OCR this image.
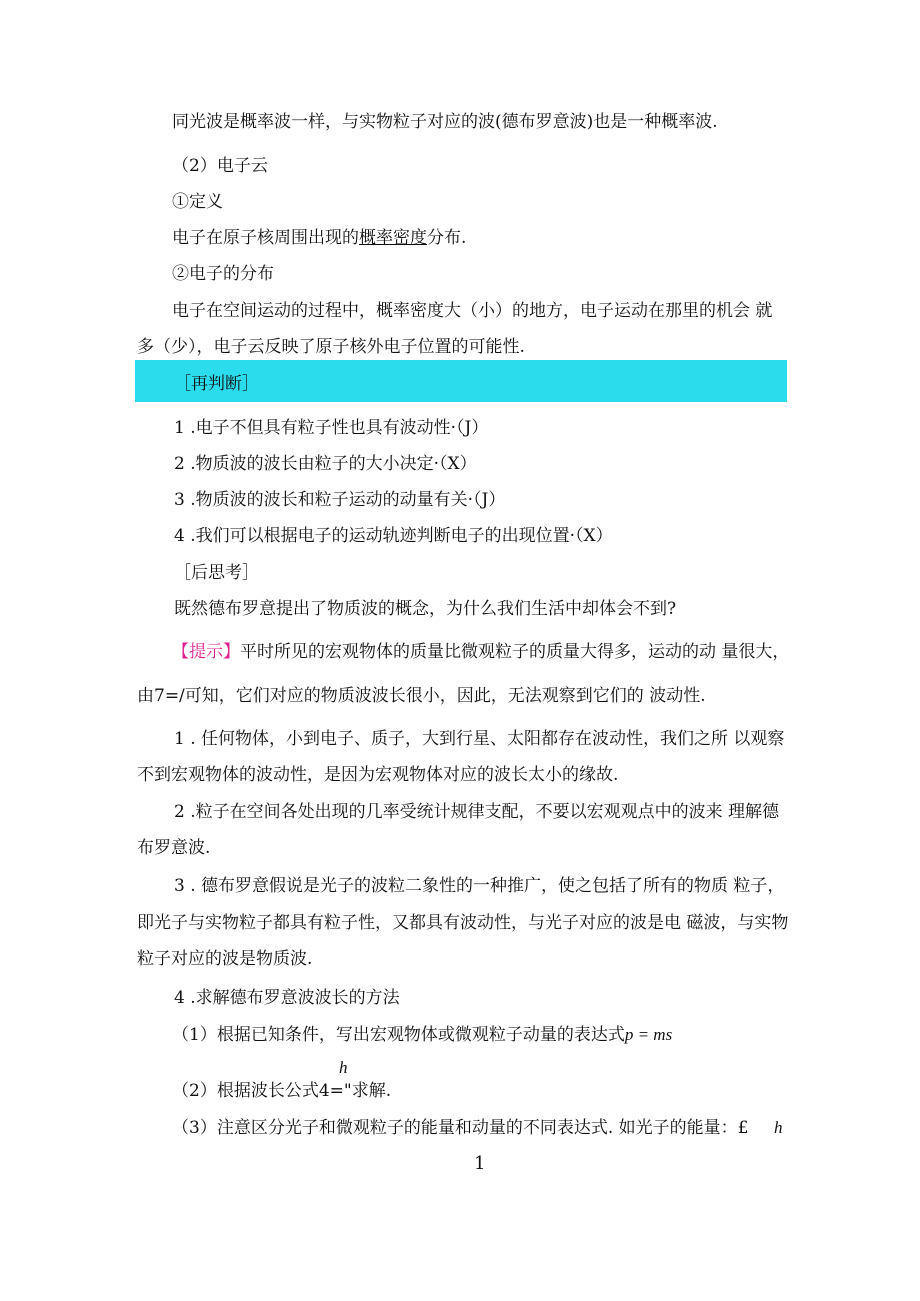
同光波是概率波一样，与实物粒子对应的波(德布罗意波)也是一种概率波.

（2）电子云

①定义

电子在原子核周围出现的概率密度分布.

②电子的分布

电子在空间运动的过程中，概率密度大（小）的地方，电子运动在那里的机会 就

多（少），电子云反映了原子核外电子位置的可能性.

［再判断］

1 .电子不但具有粒子性也具有波动性·（J）

2 .物质波的波长由粒子的大小决定·（X）

3 .物质波的波长和粒子运动的动量有关·（J）

4 .我们可以根据电子的运动轨迹判断电子的出现位置·（X）

［后思考］

既然德布罗意提出了物质波的概念，为什么我们生活中却体会不到?

【提示】平时所见的宏观物体的质量比微观粒子的质量大得多，运动的动 量很大，

由7=/可知，它们对应的物质波波长很小，因此，无法观察到它们的 波动性.

1 . 任何物体，小到电子、质子，大到行星、太阳都存在波动性，我们之所 以观察

不到宏观物体的波动性，是因为宏观物体对应的波长太小的缘故.

2 .粒子在空间各处出现的几率受统计规律支配，不要以宏观观点中的波来 理解德

布罗意波.

3 . 德布罗意假说是光子的波粒二象性的一种推广，使之包括了所有的物质 粒子，

即光子与实物粒子都具有粒子性，又都具有波动性，与光子对应的波是电 磁波，与实物

粒子对应的波是物质波.

4 .求解德布罗意波波长的方法

（1）根据已知条件，写出宏观物体或微观粒子动量的表达式p = ms

h

（2）根据波长公式4="求解.

（3）注意区分光子和微观粒子的能量和动量的不同表达式. 如光子的能量：£ h

1
